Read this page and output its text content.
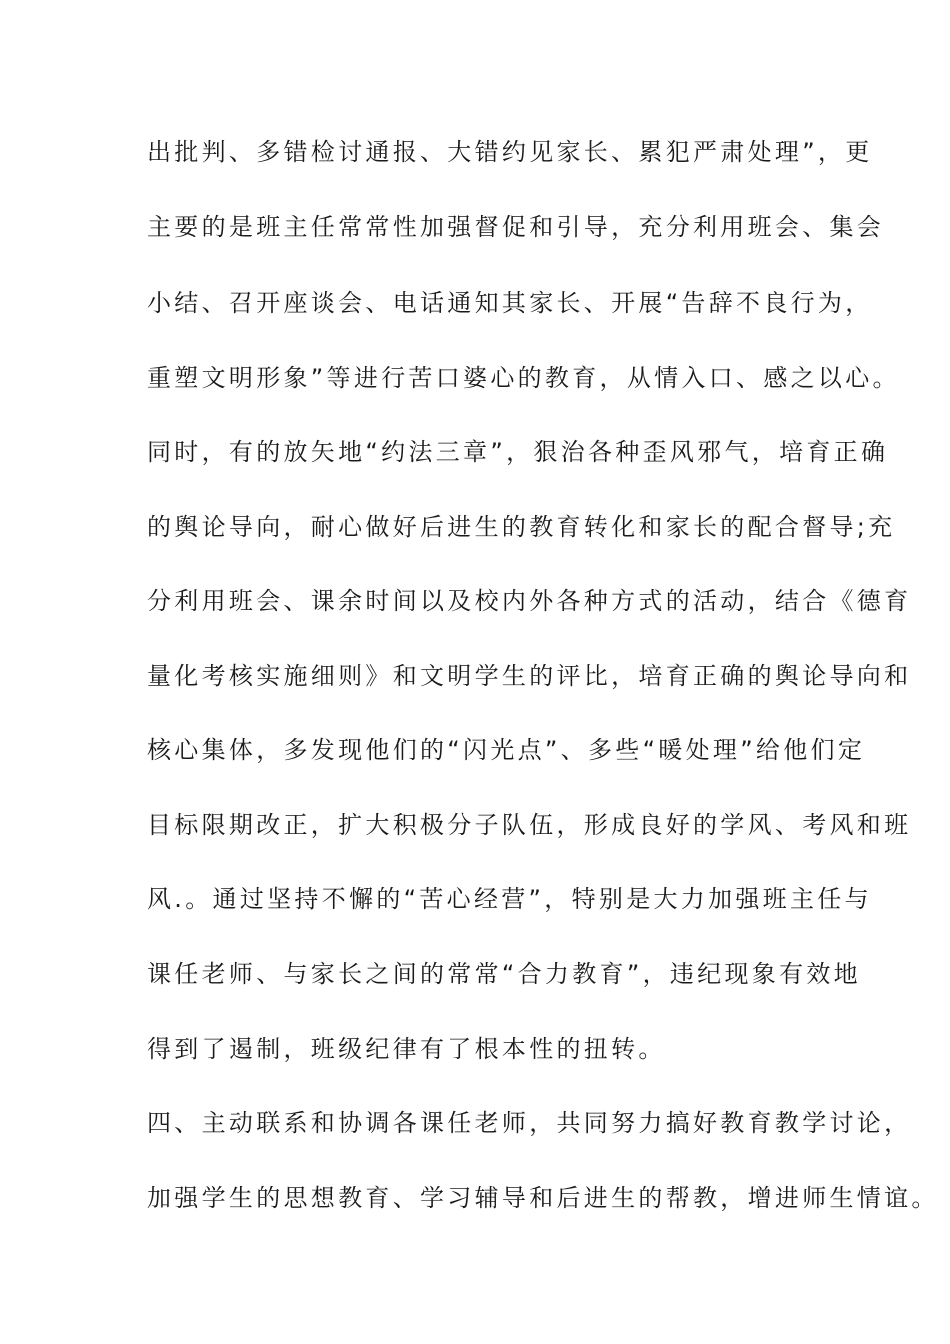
出批判、多错检讨通报、大错约见家长、累犯严肃处理”，更
主要的是班主任常常性加强督促和引导，充分利用班会、集会
小结、召开座谈会、电话通知其家长、开展“告辞不良行为，
重塑文明形象”等进行苦口婆心的教育，从情入口、感之以心。
同时，有的放矢地“约法三章”，狠治各种歪风邪气，培育正确
的舆论导向，耐心做好后进生的教育转化和家长的配合督导;充
分利用班会、课余时间以及校内外各种方式的活动，结合《德育
量化考核实施细则》和文明学生的评比，培育正确的舆论导向和
核心集体，多发现他们的“闪光点”、多些“暖处理”给他们定
目标限期改正，扩大积极分子队伍，形成良好的学风、考风和班
风.。通过坚持不懈的“苦心经营”，特别是大力加强班主任与
课任老师、与家长之间的常常“合力教育”，违纪现象有效地
得到了遏制，班级纪律有了根本性的扭转。
四、主动联系和协调各课任老师，共同努力搞好教育教学讨论，
加强学生的思想教育、学习辅导和后进生的帮教，增进师生情谊。
